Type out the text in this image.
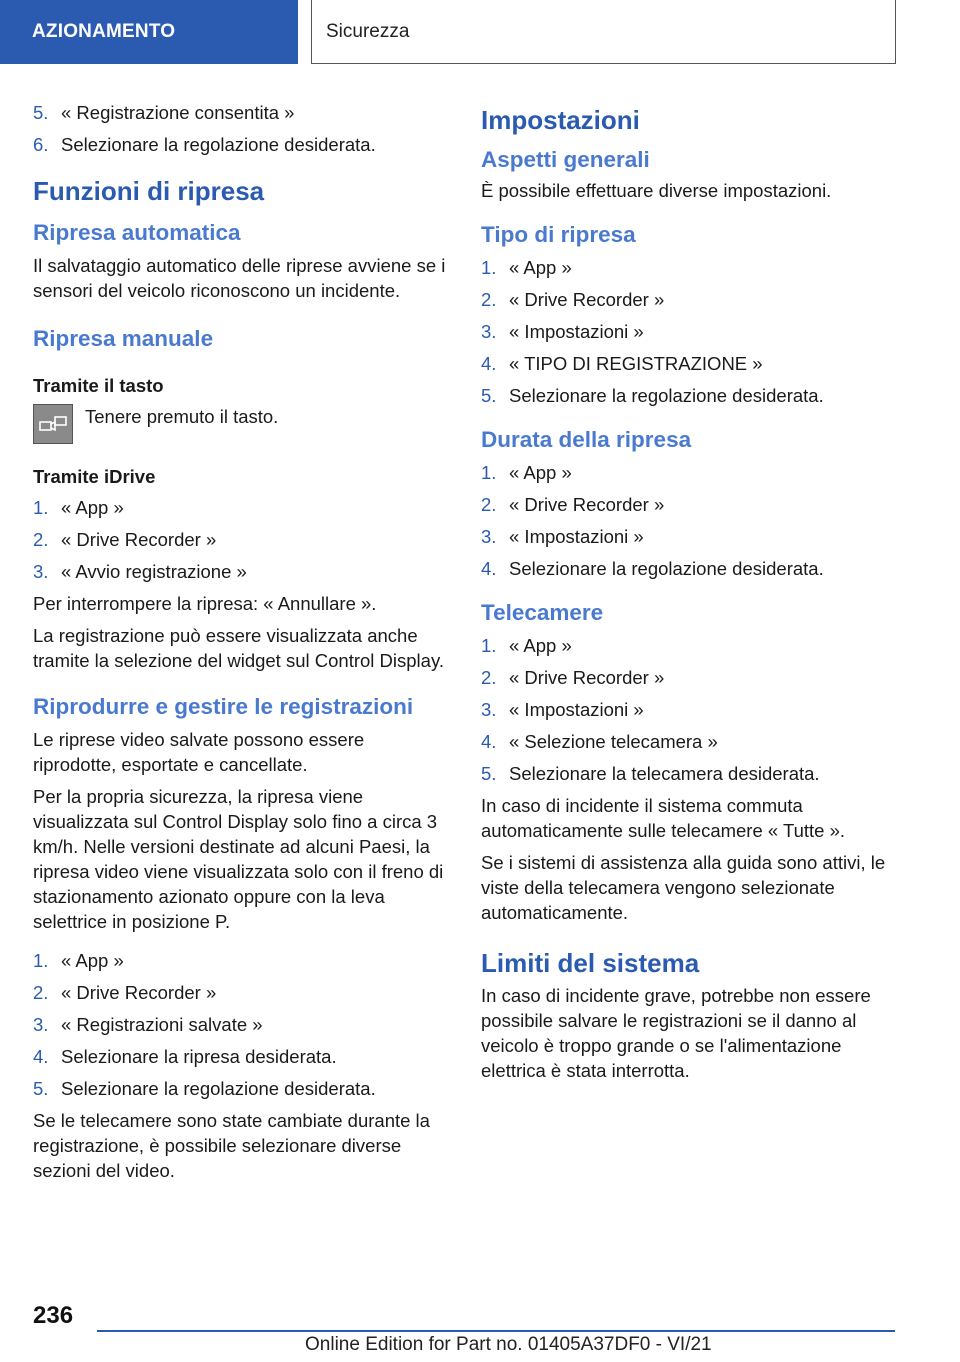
AZIONAMENTO	Sicurezza
5. « Registrazione consentita »
6. Selezionare la regolazione desiderata.
Funzioni di ripresa
Ripresa automatica

Il salvataggio automatico delle riprese avviene se i sensori del veicolo riconoscono un incidente.

Ripresa manuale
Tramite il tasto

Tenere premuto il tasto.

Tramite iDrive
1. « App »
2. « Drive Recorder »
3. « Avvio registrazione »

Per interrompere la ripresa: « Annullare ».

La registrazione può essere visualizzata anche tramite la selezione del widget sul Control Display.

Riprodurre e gestire le registrazioni

Le riprese video salvate possono essere riprodotte, esportate e cancellate.

Per la propria sicurezza, la ripresa viene visualizzata sul Control Display solo fino a circa 3 km/h. Nelle versioni destinate ad alcuni Paesi, la ripresa video viene visualizzata solo con il freno di stazionamento azionato oppure con la leva selettrice in posizione P.

1. « App »
2. « Drive Recorder »
3. « Registrazioni salvate »
4. Selezionare la ripresa desiderata.
5. Selezionare la regolazione desiderata.

Se le telecamere sono state cambiate durante la registrazione, è possibile selezionare diverse sezioni del video.

Impostazioni
Aspetti generali

È possibile effettuare diverse impostazioni.

Tipo di ripresa
1. « App »
2. « Drive Recorder »
3. « Impostazioni »
4. « TIPO DI REGISTRAZIONE »
5. Selezionare la regolazione desiderata.
Durata della ripresa
1. « App »
2. « Drive Recorder »
3. « Impostazioni »
4. Selezionare la regolazione desiderata.
Telecamere
1. « App »
2. « Drive Recorder »
3. « Impostazioni »
4. « Selezione telecamera »
5. Selezionare la telecamera desiderata.

In caso di incidente il sistema commuta automaticamente sulle telecamere « Tutte ».

Se i sistemi di assistenza alla guida sono attivi, le viste della telecamera vengono selezionate automaticamente.

Limiti del sistema

In caso di incidente grave, potrebbe non essere possibile salvare le registrazioni se il danno al veicolo è troppo grande o se l'alimentazione elettrica è stata interrotta.

236
Online Edition for Part no. 01405A37DF0 - VI/21
